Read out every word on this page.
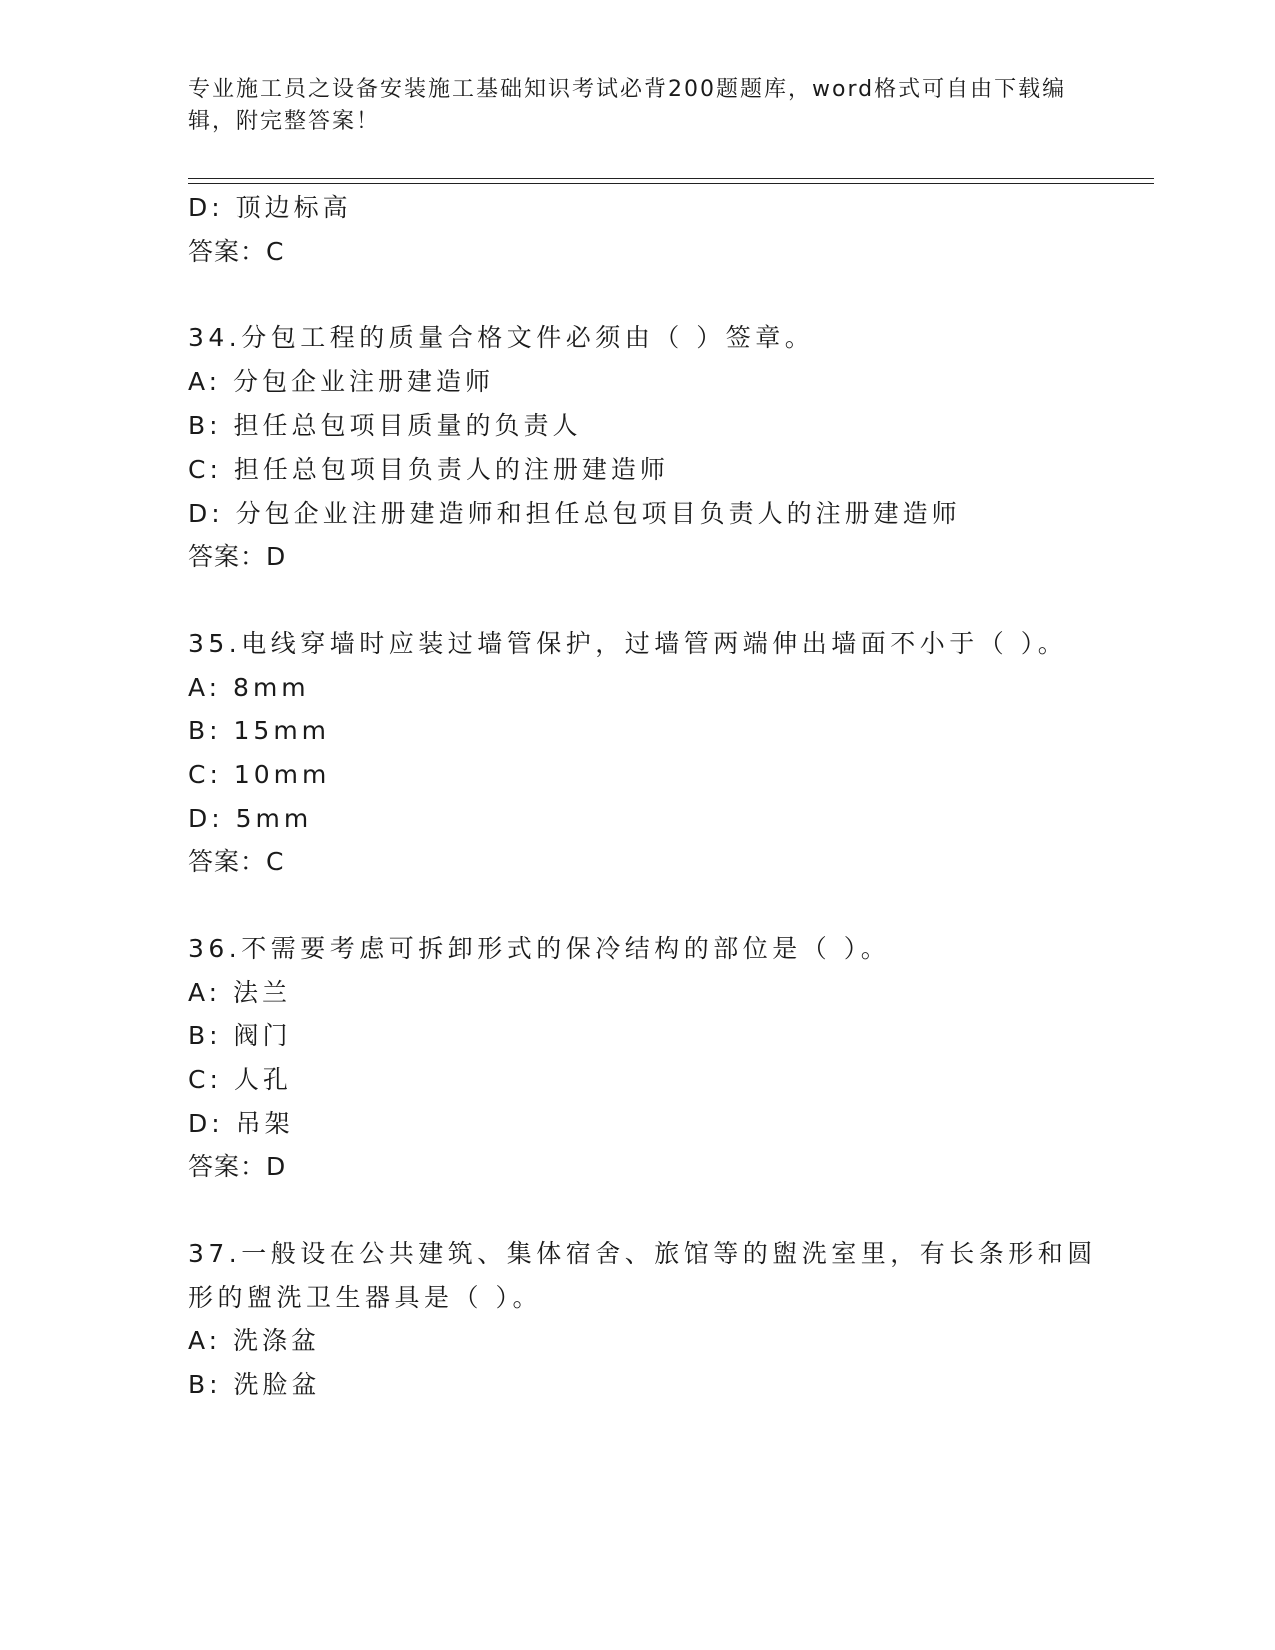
专业施工员之设备安装施工基础知识考试必背200题题库，word格式可自由下载编辑，附完整答案！
D: 顶边标高
答案：C
34.分包工程的质量合格文件必须由（ ）签章。
A: 分包企业注册建造师
B: 担任总包项目质量的负责人
C: 担任总包项目负责人的注册建造师
D: 分包企业注册建造师和担任总包项目负责人的注册建造师
答案：D
35.电线穿墙时应装过墙管保护，过墙管两端伸出墙面不小于（ ）。
A: 8mm
B: 15mm
C: 10mm
D: 5mm
答案：C
36.不需要考虑可拆卸形式的保冷结构的部位是（ ）。
A: 法兰
B: 阀门
C: 人孔
D: 吊架
答案：D
37.一般设在公共建筑、集体宿舍、旅馆等的盥洗室里，有长条形和圆
形的盥洗卫生器具是（ ）。
A: 洗涤盆
B: 洗脸盆
